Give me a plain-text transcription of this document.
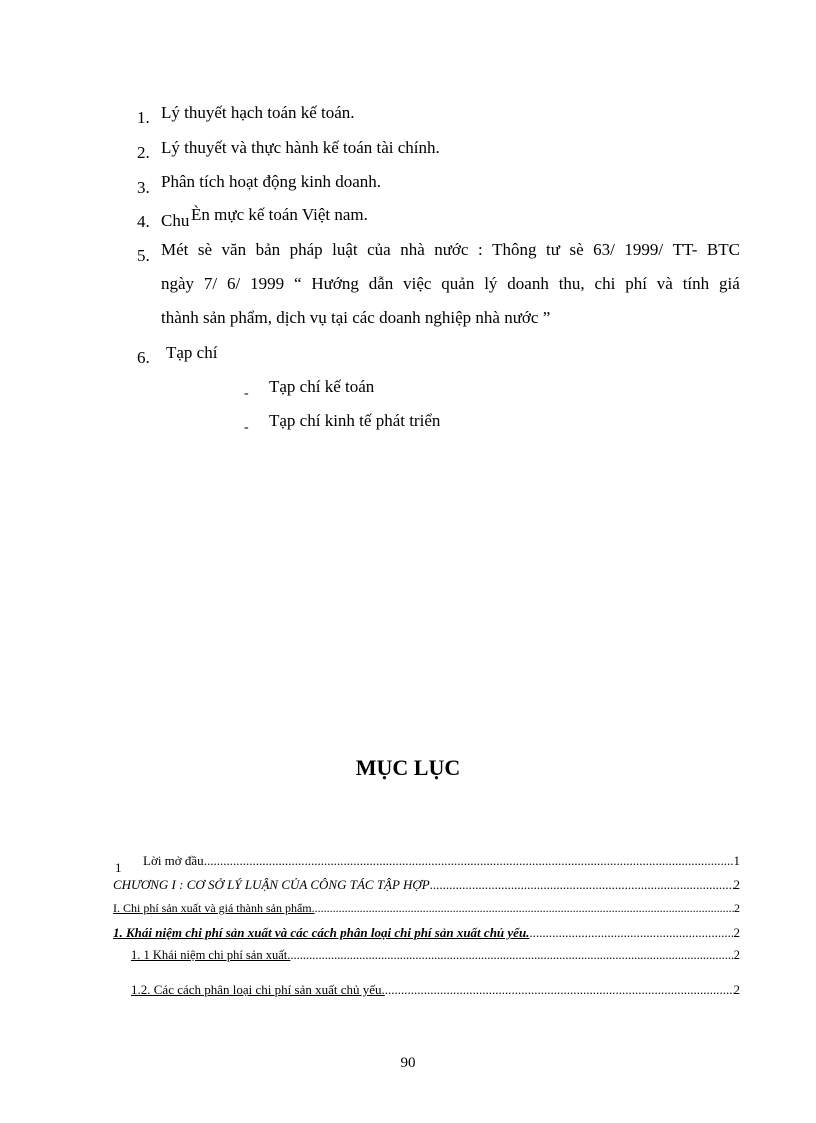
1. Lý thuyết hạch toán kế toán.
2. Lý thuyết và thực hành kế toán tài chính.
3. Phân tích hoạt động kinh doanh.
4. Chu Èn mực kế toán Việt nam.
5. Mét sè văn bản pháp luật của nhà nước : Thông tư sè 63/ 1999/ TT- BTC
ngày 7/ 6/ 1999 “ Hướng dẫn việc quản lý doanh thu, chi phí và tính giá
thành sản phẩm, dịch vụ tại các doanh nghiệp nhà nước ”
6. Tạp chí
- Tạp chí kế toán
- Tạp chí kinh tế phát triển
MỤC LỤC
1 Lời mở đầu .....	1
CHƯƠNG I : CƠ SỞ LÝ LUẬN CỦA CÔNG TÁC TẬP HỢP .....	2
I. Chi phí sản xuất và giá thành sản phẩm. .....	2
1. Khái niệm chi phí sản xuất và các cách phân loại chi phí sản xuất chủ yếu. .....	2
1. 1 Khái niệm chi phí sản xuất. .....	2
1.2. Các cách phân loại chi phí sản xuất chủ yếu. .....	2
90
